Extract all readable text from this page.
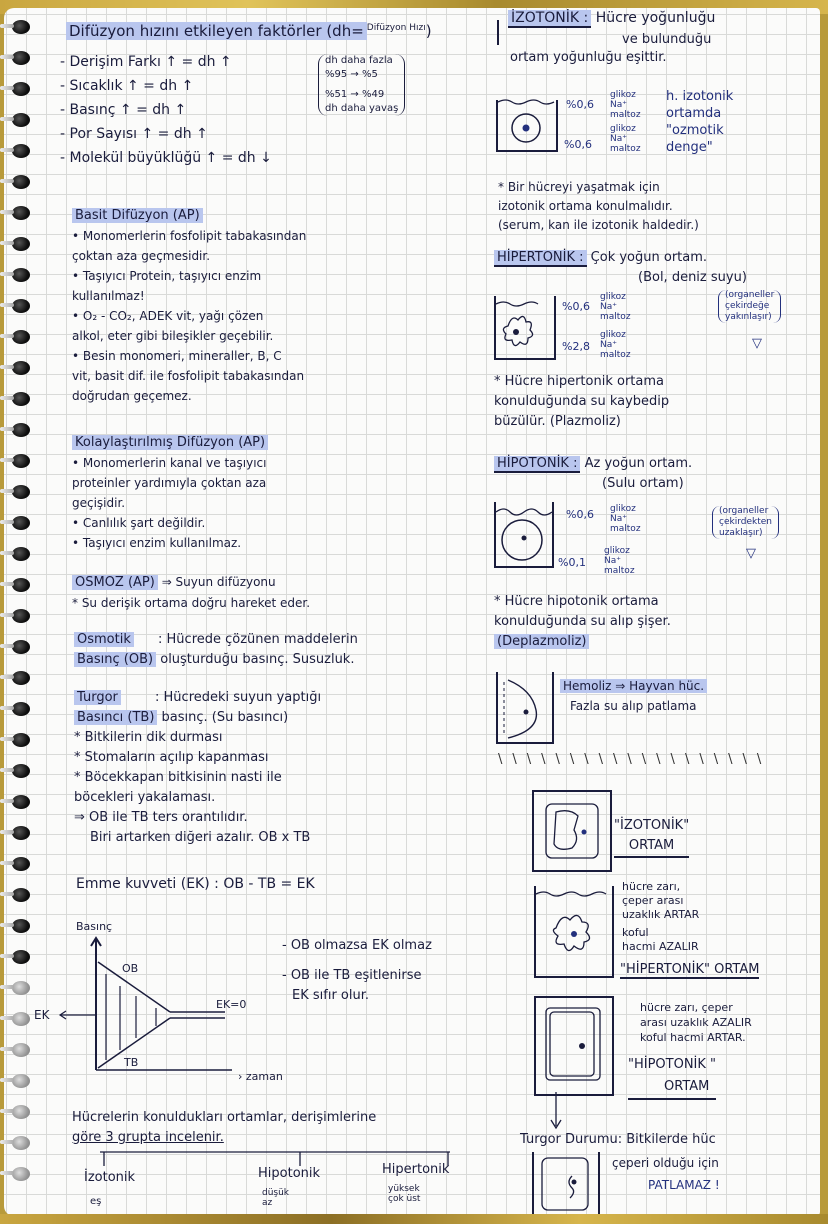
Difüzyon hızını etkileyen faktörler (dh= $^{Difüzyon Hızı}$)
- Derişim Farkı ↑ = dh ↑
- Sıcaklık ↑ = dh ↑
- Basınç ↑ = dh ↑
- Por Sayısı ↑ = dh ↑
- Molekül büyüklüğü ↑ = dh ↓
dh daha fazla
%95 → %5
%51 → %49
dh daha yavaş
Basit Difüzyon (AP)
• Monomerlerin fosfolipit tabakasından
çoktan aza geçmesidir.
• Taşıyıcı Protein, taşıyıcı enzim
kullanılmaz!
• O₂ - CO₂, ADEK vit, yağı çözen
alkol, eter gibi bileşikler geçebilir.
• Besin monomeri, mineraller, B, C
vit, basit dif. ile fosfolipit tabakasından
doğrudan geçemez.
Kolaylaştırılmış Difüzyon (AP)
• Monomerlerin kanal ve taşıyıcı
proteinler yardımıyla çoktan aza
geçişidir.
• Canlılık şart değildir.
• Taşıyıcı enzim kullanılmaz.
OSMOZ (AP) ⇒ Suyun difüzyonu
* Su derişik ortama doğru hareket eder.
Osmotik : Hücrede çözünen maddelerin
Basınç (OB) oluşturduğu basınç. Susuzluk.
Turgor	: Hücredeki suyun yaptığı
Basıncı (TB) basınç. (Su basıncı)
* Bitkilerin dik durması
* Stomaların açılıp kapanması
* Böcekkapan bitkisinin nasti ile
böcekleri yakalaması.
⇒ OB ile TB ters orantılıdır.
Biri artarken diğeri azalır. OB x TB
Emme kuvveti (EK) : OB - TB = EK
Basınç
OB
TB
EK
EK=0
› zaman
- OB olmazsa EK olmaz
- OB ile TB eşitlenirse
EK sıfır olur.
Hücrelerin konuldukları ortamlar, derişimlerine
göre 3 grupta incelenir.
İzotonik
eş
Hipotonik
düşük az
Hipertonik
yüksek çok üst
İZOTONİK : Hücre yoğunluğu
ve bulunduğu
ortam yoğunluğu eşittir.
%0,6
%0,6
glikoz Na⁺ maltoz
glikoz Na⁺ maltoz
h. izotonik
ortamda
"ozmotik
denge"
* Bir hücreyi yaşatmak için
izotonik ortama konulmalıdır.
(serum, kan ile izotonik haldedir.)
HİPERTONİK : Çok yoğun ortam.
(Bol, deniz suyu)
%0,6
%2,8
glikoz Na⁺ maltoz
glikoz Na⁺ maltoz
(organeller
çekirdeğe
yakınlaşır)
▽
* Hücre hipertonik ortama
konulduğunda su kaybedip
büzülür. (Plazmoliz)
HİPOTONİK : Az yoğun ortam.
(Sulu ortam)
%0,6
%0,1
glikoz Na⁺ maltoz
glikoz Na⁺ maltoz
(organeller
çekirdekten
uzaklaşır)
▽
* Hücre hipotonik ortama
konulduğunda su alıp şişer.
(Deplazmoliz)
Hemoliz ⇒ Hayvan hüc.
Fazla su alıp patlama
\\\\\\\\\\\\\\\\\\\
"İZOTONİK"
ORTAM
hücre zarı,
çeper arası
uzaklık ARTAR
koful
hacmi AZALIR
"HİPERTONİK" ORTAM
hücre zarı, çeper
arası uzaklık AZALIR
koful hacmi ARTAR.
"HİPOTONİK "
ORTAM
Turgor Durumu: Bitkilerde hüc
çeperi olduğu için
PATLAMAZ !
